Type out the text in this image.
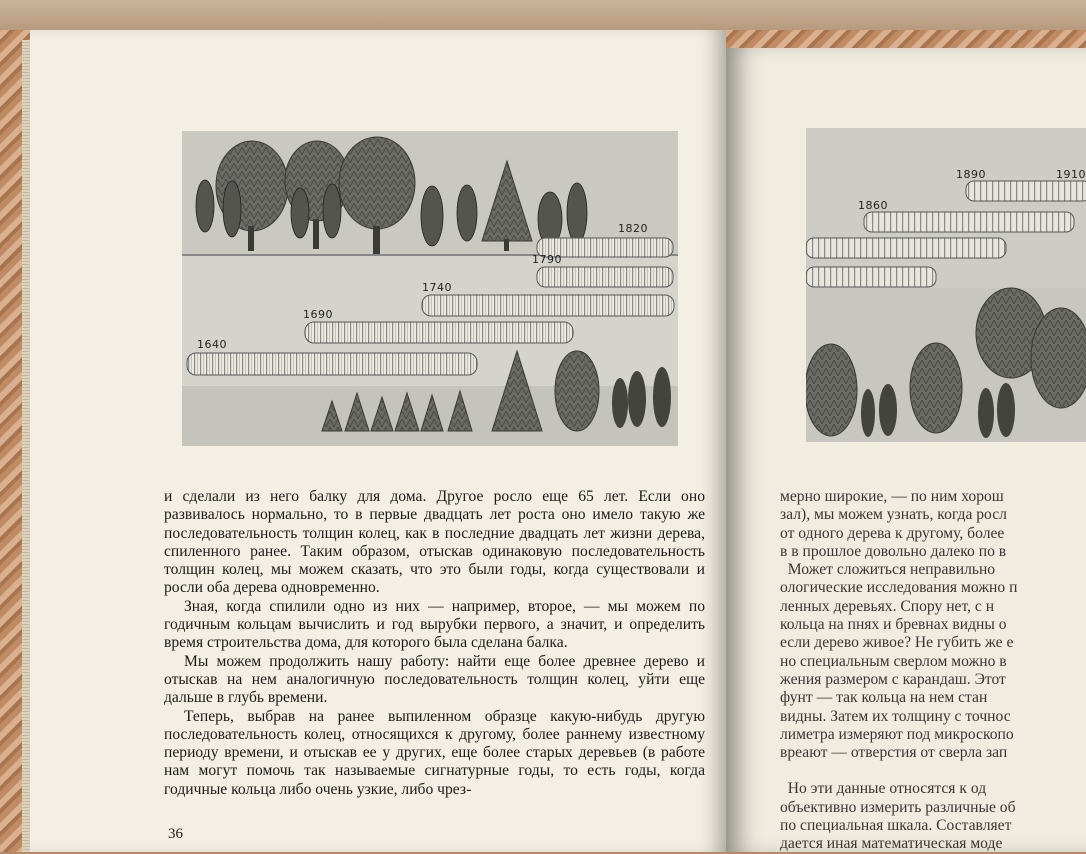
1820
1790
1740
1690
1640
1860
1890	1910

и сделали из него балку для дома. Другое росло еще 65 лет. Если оно развивалось нормально, то в первые двадцать лет роста оно имело такую же последовательность толщин колец, как в последние двадцать лет жизни дерева, спиленного ранее. Таким образом, отыскав одинаковую последовательность толщин колец, мы можем сказать, что это были годы, когда существовали и росли оба дерева одновременно.

Зная, когда спилили одно из них — например, второе, — мы можем по годичным кольцам вычислить и год вырубки первого, а значит, и определить время строительства дома, для которого была сделана балка.

Мы можем продолжить нашу работу: найти еще более древнее дерево и отыскав на нем аналогичную последовательность толщин колец, уйти еще дальше в глубь времени.

Теперь, выбрав на ранее выпиленном образце какую-нибудь другую последовательность колец, относящихся к другому, более раннему известному периоду времени, и отыскав ее у других, еще более старых деревьев (в работе нам могут помочь так называемые сигнатурные годы, то есть годы, когда годичные кольца либо очень узкие, либо чрез-

36
мерно широкие, — по ним хорош
зал), мы можем узнать, когда росл
от одного дерева к другому, более
в в прошлое довольно далеко по в
Может сложиться неправильно
ологические исследования можно п
ленных деревьях. Спору нет, с н
кольца на пнях и бревнах видны о
если дерево живое? Не губить же е
но специальным сверлом можно в
жения размером с карандаш. Этот
фунт — так кольца на нем стан
видны. Затем их толщину с точнос
лиметра измеряют под микроскопо
вреают — отверстия от сверла зап
Но эти данные относятся к од
объективно измерить различные об
по специальная шкала. Составляет
дается иная математическая моде
